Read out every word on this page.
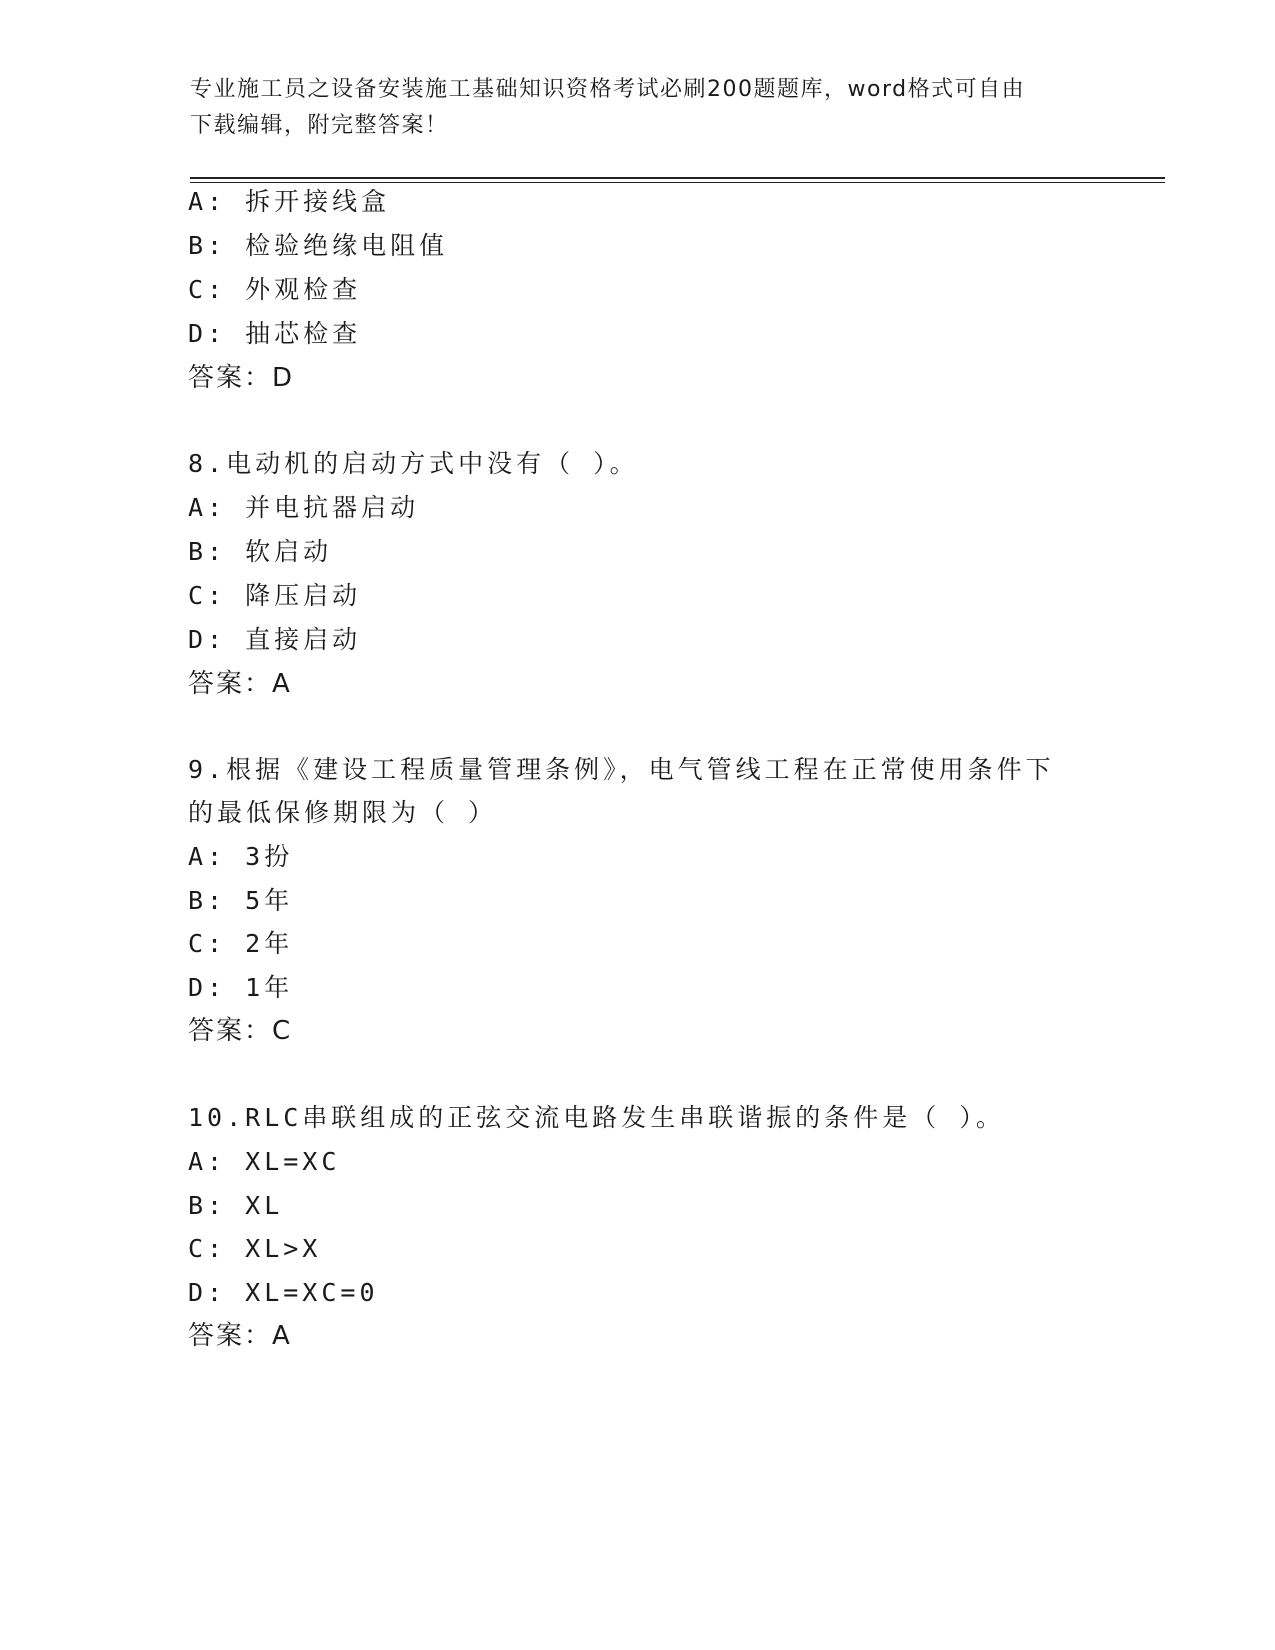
专业施工员之设备安装施工基础知识资格考试必刷200题题库，word格式可自由
下载编辑，附完整答案！
A: 拆开接线盒
B: 检验绝缘电阻值
C: 外观检查
D: 抽芯检查
答案：D
8.电动机的启动方式中没有（ ）。
A: 并电抗器启动
B: 软启动
C: 降压启动
D: 直接启动
答案：A
9.根据《建设工程质量管理条例》，电气管线工程在正常使用条件下
的最低保修期限为（ ）
A: 3扮
B: 5年
C: 2年
D: 1年
答案：C
10.RLC串联组成的正弦交流电路发生串联谐振的条件是（ ）。
A: XL=XC
B: XL
C: XL>X
D: XL=XC=0
答案：A
